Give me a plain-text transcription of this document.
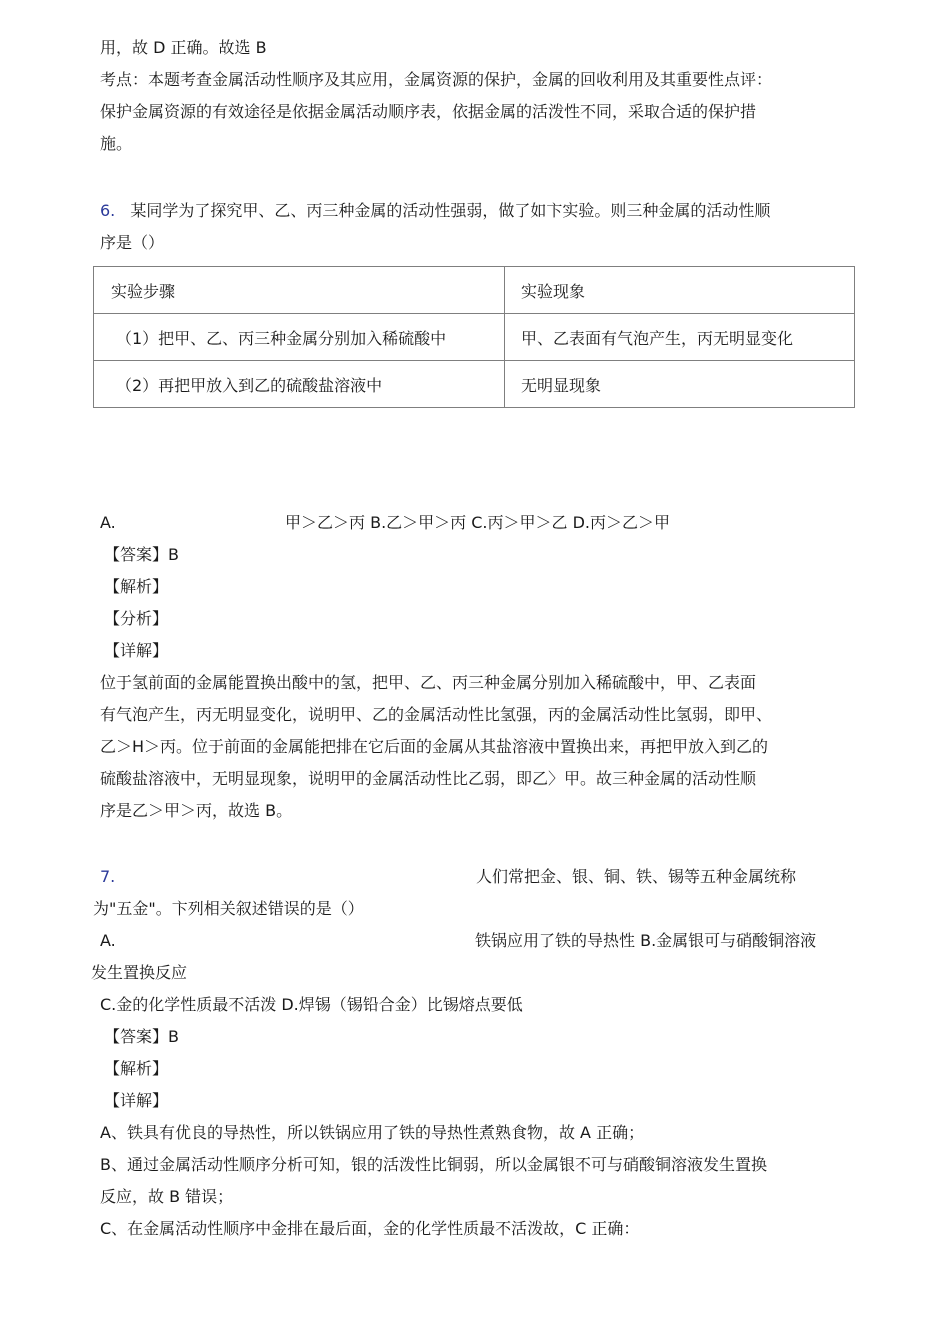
用，故 D 正确。故选 B
考点：本题考查金属活动性顺序及其应用，金属资源的保护，金属的回收利用及其重要性点评：
保护金属资源的有效途径是依据金属活动顺序表，依据金属的活泼性不同，采取合适的保护措
施。
6. 某同学为了探究甲、乙、丙三种金属的活动性强弱，做了如卞实验。则三种金属的活动性顺
序是（）
实验步骤	实验现象
（1）把甲、乙、丙三种金属分别加入稀硫酸中	甲、乙表面有气泡产生，丙无明显变化
（2）再把甲放入到乙的硫酸盐溶液中	无明显现象
A.	甲＞乙＞丙 B.乙＞甲＞丙 C.丙＞甲＞乙 D.丙＞乙＞甲
【答案】B
【解析】
【分析】
【详解】
位于氢前面的金属能置换出酸中的氢，把甲、乙、丙三种金属分别加入稀硫酸中，甲、乙表面
有气泡产生，丙无明显变化，说明甲、乙的金属活动性比氢强，丙的金属活动性比氢弱，即甲、
乙＞H＞丙。位于前面的金属能把排在它后面的金属从其盐溶液中置换出来，再把甲放入到乙的
硫酸盐溶液中，无明显现象，说明甲的金属活动性比乙弱，即乙〉甲。故三种金属的活动性顺
序是乙＞甲＞丙，故选 B。
7.	人们常把金、银、铜、铁、锡等五种金属统称
为"五金"。卞列相关叙述错误的是（）
A.	铁锅应用了铁的导热性 B.金属银可与硝酸铜溶液
发生置换反应
C.金的化学性质最不活泼 D.焊锡（锡铅合金）比锡熔点要低
【答案】B
【解析】
【详解】
A、铁具有优良的导热性，所以铁锅应用了铁的导热性煮熟食物，故 A 正确；
B、通过金属活动性顺序分析可知，银的活泼性比铜弱，所以金属银不可与硝酸铜溶液发生置换
反应，故 B 错误；
C、在金属活动性顺序中金排在最后面，金的化学性质最不活泼故，C 正确：
